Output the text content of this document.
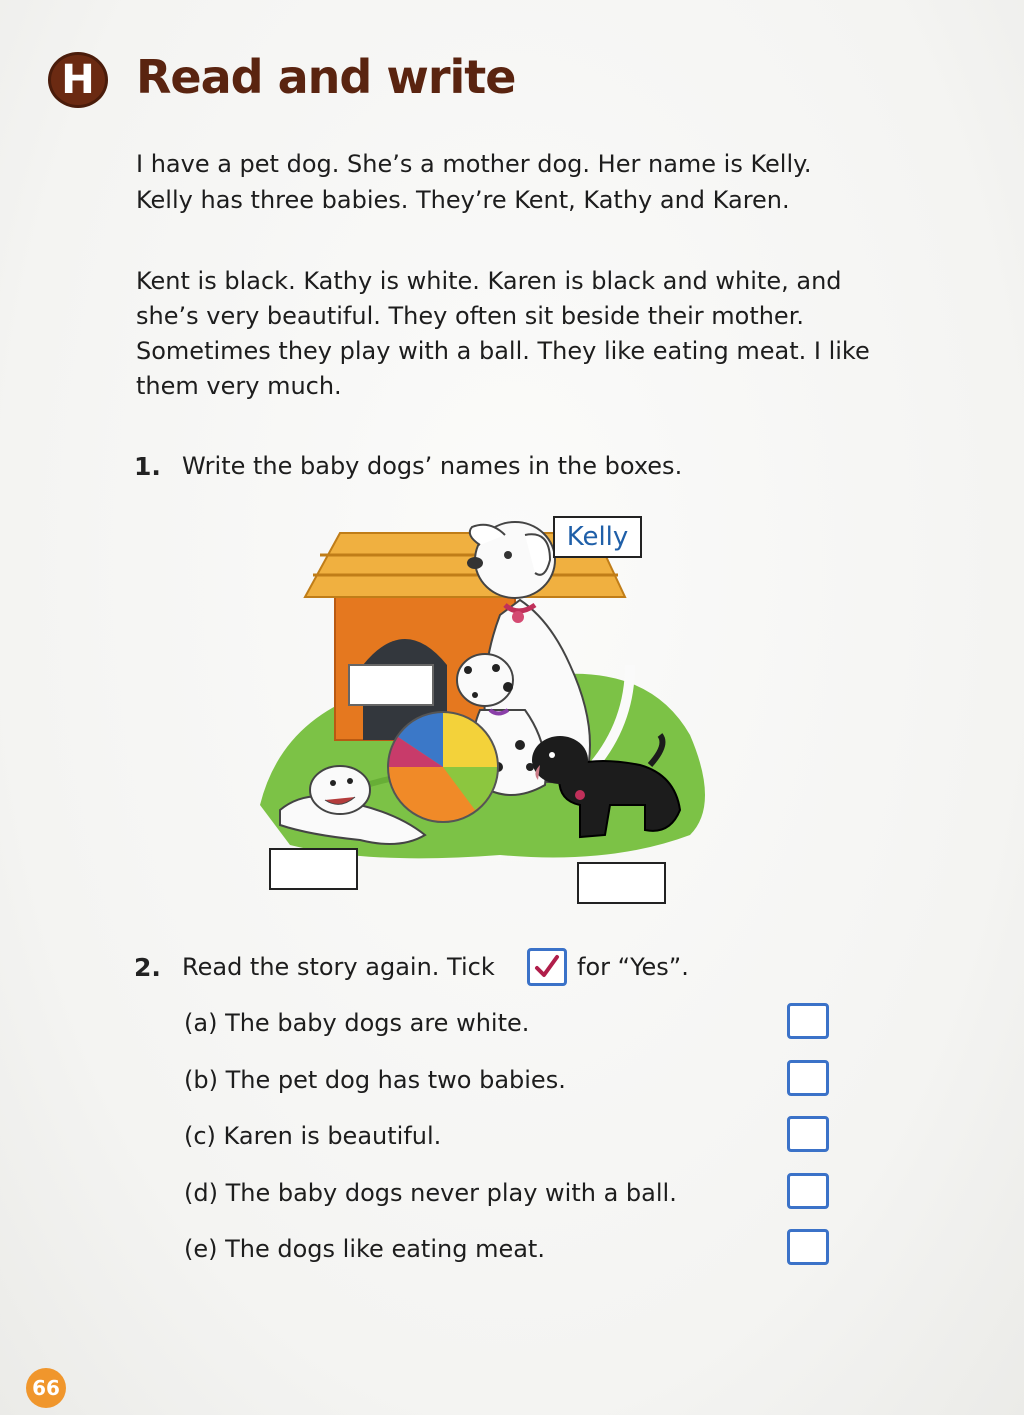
H Read and write

I have a pet dog. She’s a mother dog. Her name is Kelly.

Kelly has three babies. They’re Kent, Kathy and Karen.

Kent is black. Kathy is white. Karen is black and white, and

she’s very beautiful. They often sit beside their mother.

Sometimes they play with a ball. They like eating meat. I like

them very much.

1. Write the baby dogs’ names in the boxes.
Kelly
2. Read the story again. Tick	for “Yes”.
(a) The baby dogs are white.
(b) The pet dog has two babies.
(c) Karen is beautiful.
(d) The baby dogs never play with a ball.
(e) The dogs like eating meat.
66
